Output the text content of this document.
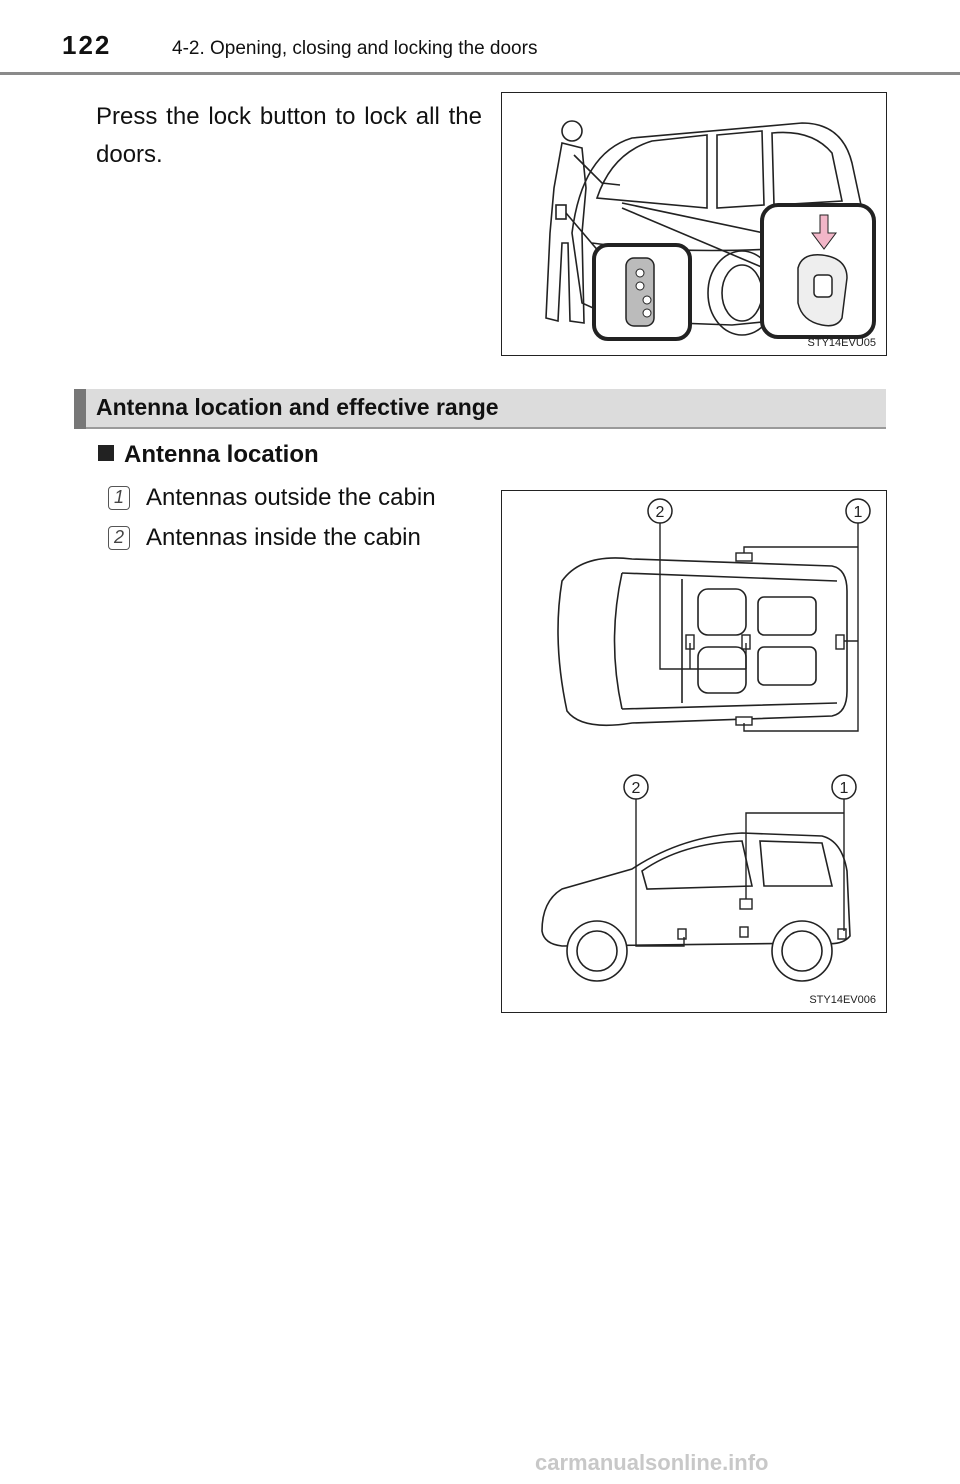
122	4-2. Opening, closing and locking the doors
Press the lock button to lock all the doors.
STY14EVU05
Antenna location and effective range
Antenna location
1 Antennas outside the cabin
2 Antennas inside the cabin
2	1
2	1
STY14EV006
carmanualsonline.info
